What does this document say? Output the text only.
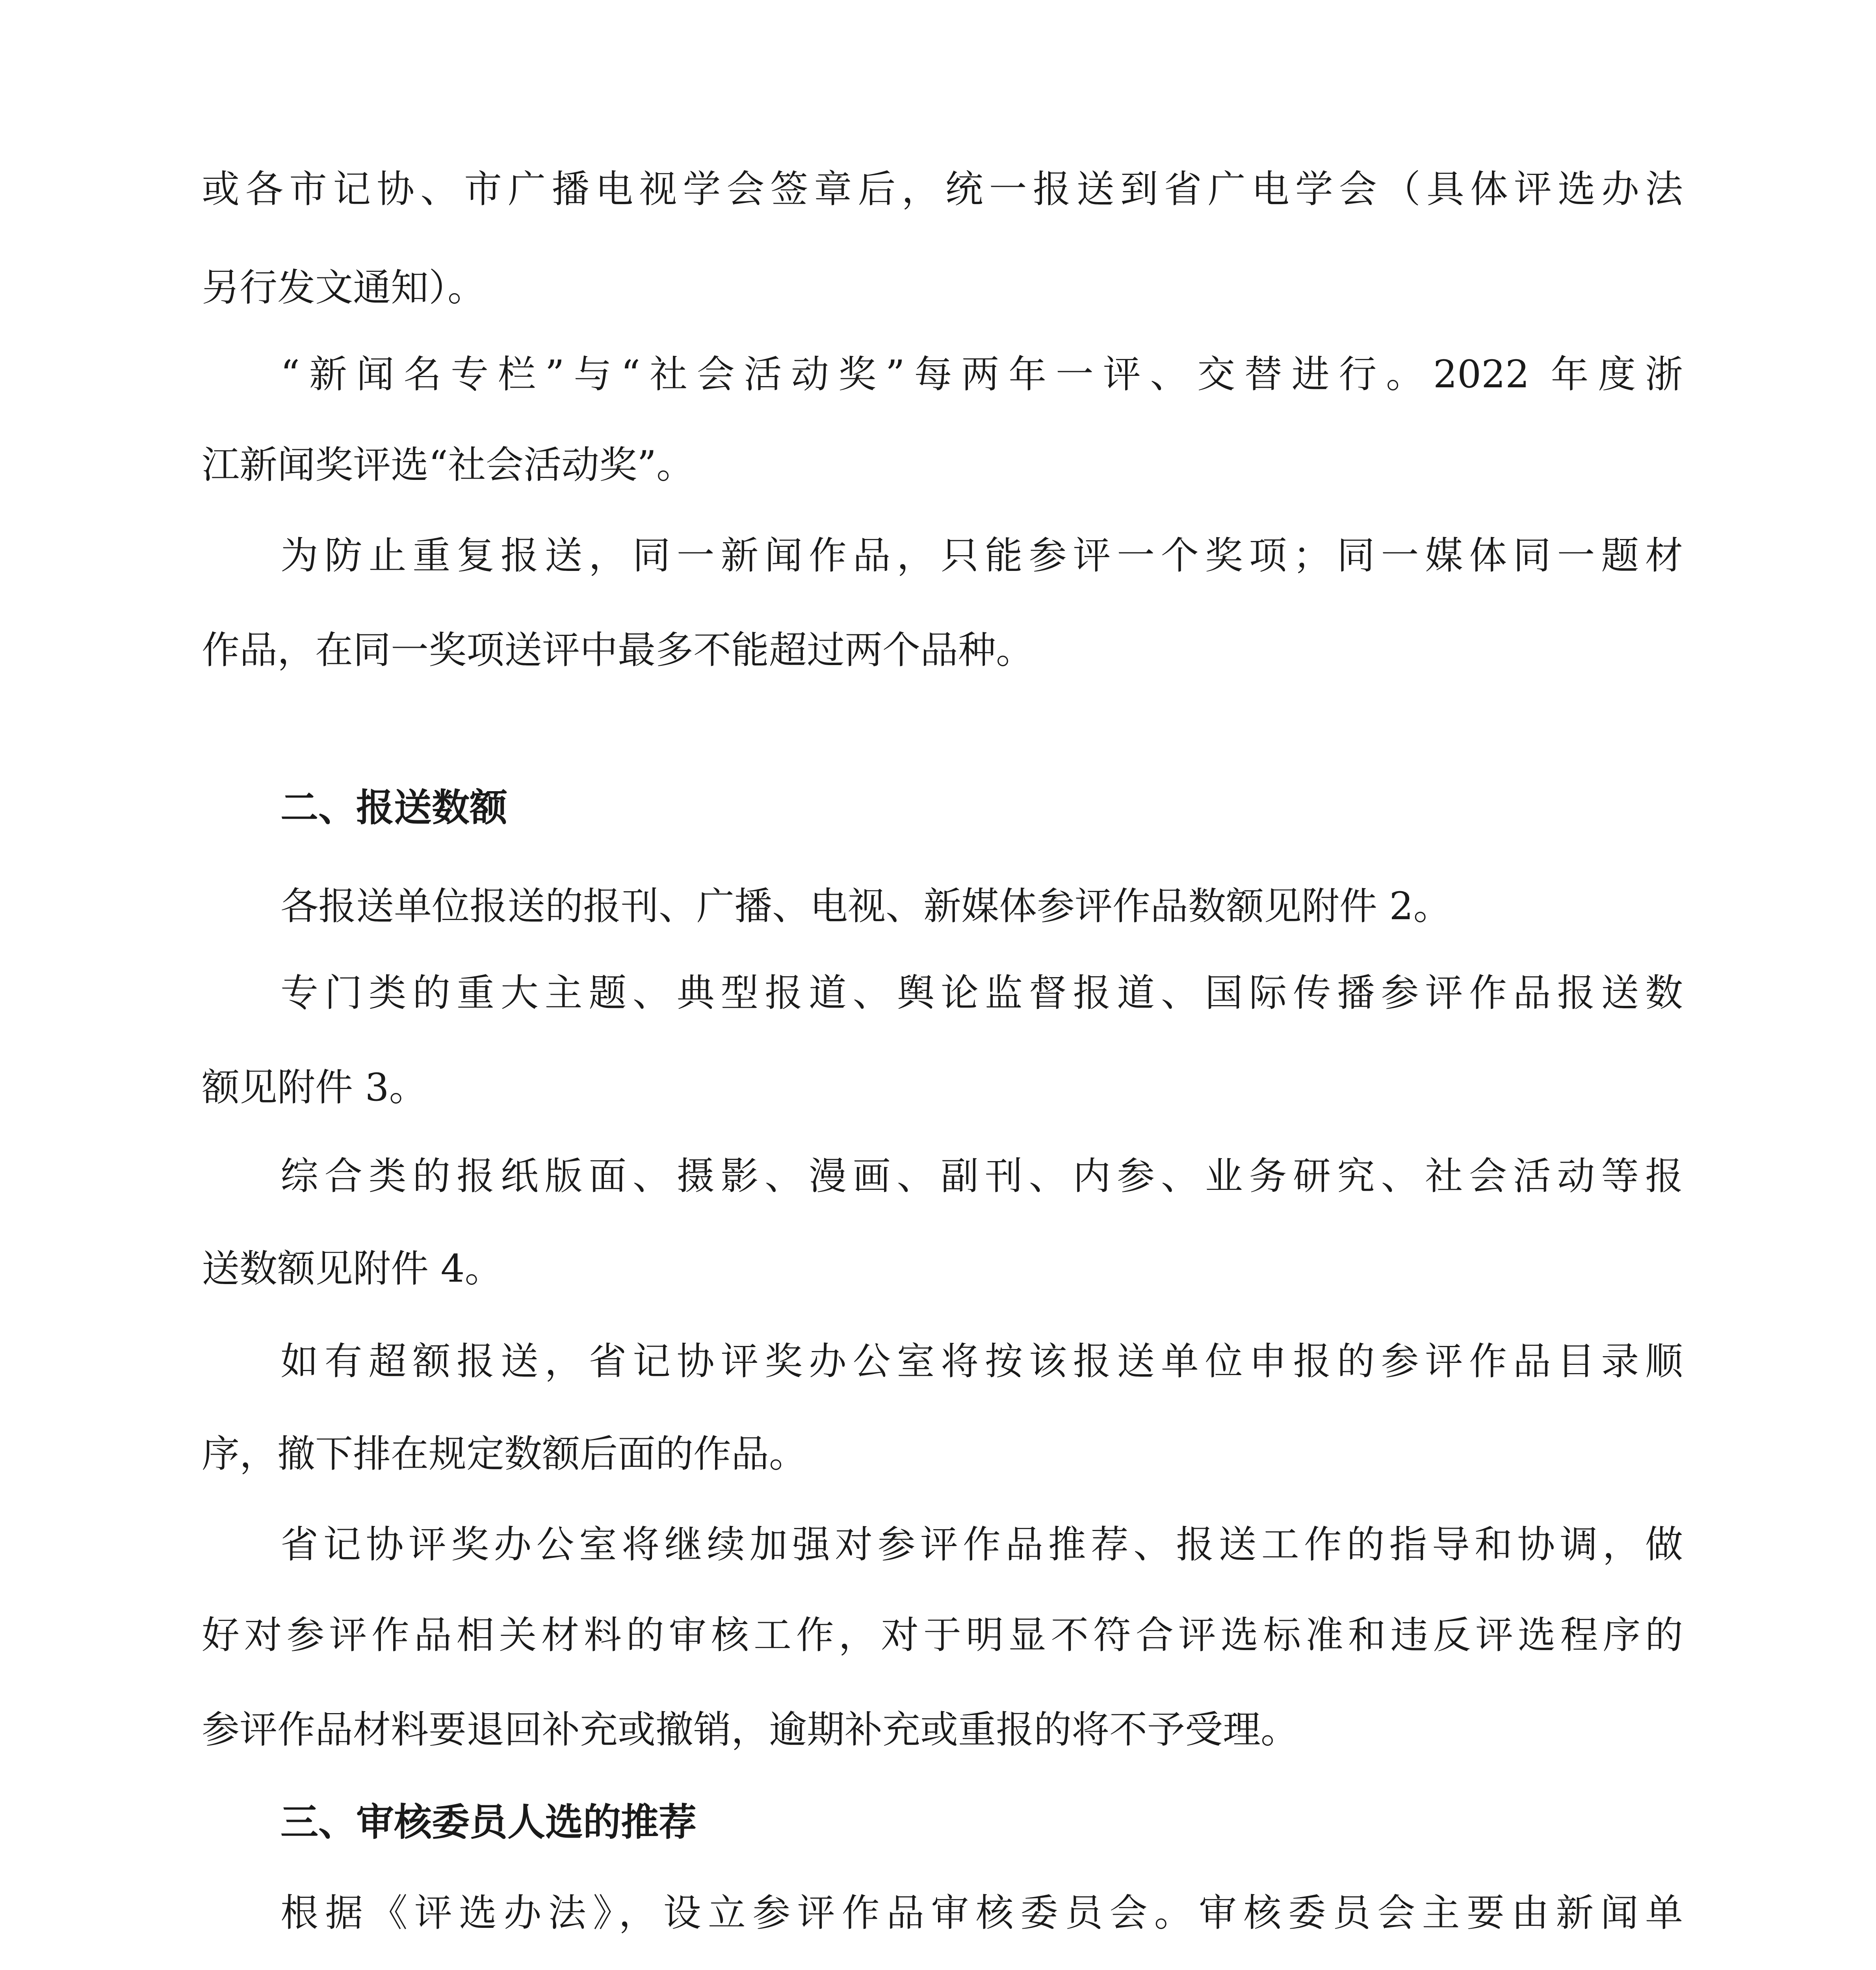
或各市记协、市广播电视学会签章后，统一报送到省广电学会（具体评选办法
另行发文通知）。
“新闻名专栏”与“社会活动奖”每两年一评、交替进行。2022 年度浙
江新闻奖评选“社会活动奖”。
为防止重复报送，同一新闻作品，只能参评一个奖项；同一媒体同一题材
作品，在同一奖项送评中最多不能超过两个品种。
二、报送数额
各报送单位报送的报刊、广播、电视、新媒体参评作品数额见附件 2。
专门类的重大主题、典型报道、舆论监督报道、国际传播参评作品报送数
额见附件 3。
综合类的报纸版面、摄影、漫画、副刊、内参、业务研究、社会活动等报
送数额见附件 4。
如有超额报送，省记协评奖办公室将按该报送单位申报的参评作品目录顺
序，撤下排在规定数额后面的作品。
省记协评奖办公室将继续加强对参评作品推荐、报送工作的指导和协调，做
好对参评作品相关材料的审核工作，对于明显不符合评选标准和违反评选程序的
参评作品材料要退回补充或撤销，逾期补充或重报的将不予受理。
三、审核委员人选的推荐
根据《评选办法》，设立参评作品审核委员会。审核委员会主要由新闻单
